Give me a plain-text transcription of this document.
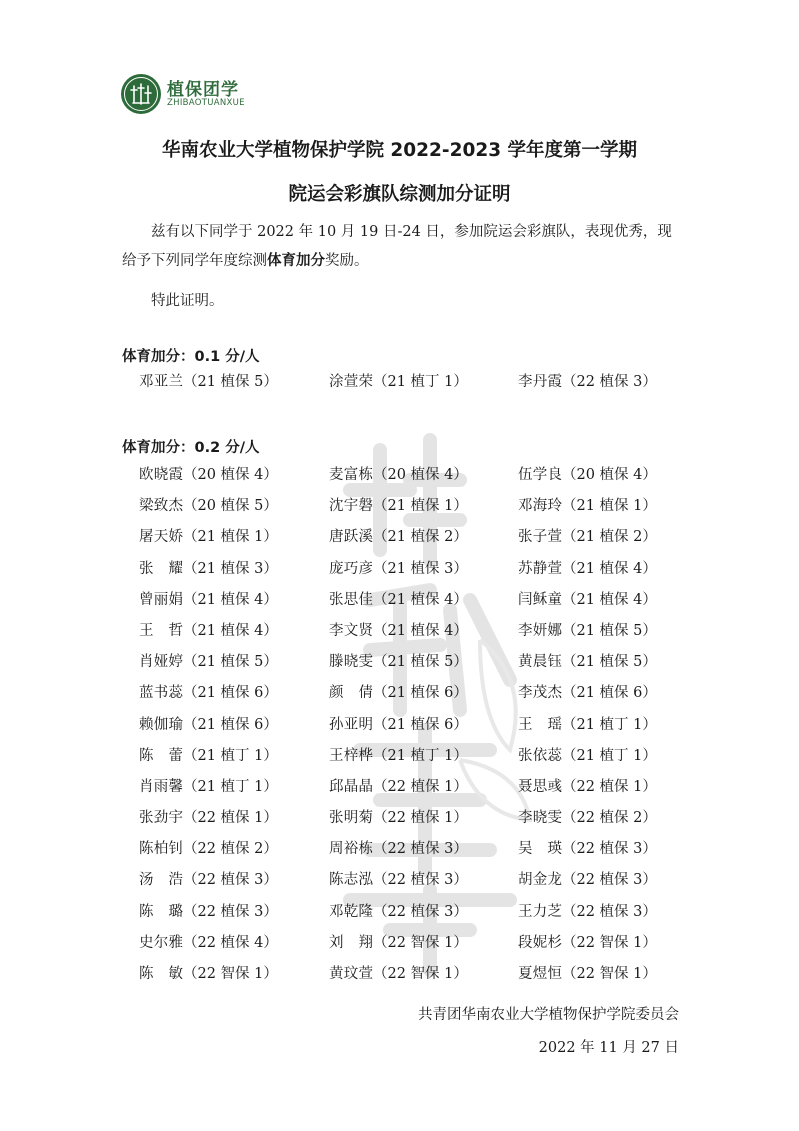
植保团学
ZHIBAOTUANXUE
华南农业大学植物保护学院 2022-2023 学年度第一学期
院运会彩旗队综测加分证明
兹有以下同学于 2022 年 10 月 19 日-24 日，参加院运会彩旗队，表现优秀，现给予下列同学年度综测体育加分奖励。
特此证明。
体育加分：0.1 分/人
体育加分：0.2 分/人
邓亚兰（21 植保 5）	涂萱荣（21 植丁 1）	李丹霞（22 植保 3）
欧晓霞（20 植保 4）	麦富栋（20 植保 4）	伍学良（20 植保 4）
梁致杰（20 植保 5）	沈宇磐（21 植保 1）	邓海玲（21 植保 1）
屠天娇（21 植保 1）	唐跃溪（21 植保 2）	张子萱（21 植保 2）
张耀（21 植保 3）	庞巧彦（21 植保 3）	苏静萱（21 植保 4）
曾丽娟（21 植保 4）	张思佳（21 植保 4）	闫稣童（21 植保 4）
王哲（21 植保 4）	李文贤（21 植保 4）	李妍娜（21 植保 5）
肖娅婷（21 植保 5）	滕晓雯（21 植保 5）	黄晨钰（21 植保 5）
蓝书蕊（21 植保 6）	颜倩（21 植保 6）	李茂杰（21 植保 6）
赖伽瑜（21 植保 6）	孙亚明（21 植保 6）	王瑶（21 植丁 1）
陈蕾（21 植丁 1）	王梓桦（21 植丁 1）	张依蕊（21 植丁 1）
肖雨馨（21 植丁 1）	邱晶晶（22 植保 1）	聂思彧（22 植保 1）
张劲宇（22 植保 1）	张明菊（22 植保 1）	李晓雯（22 植保 2）
陈柏钊（22 植保 2）	周裕栋（22 植保 3）	吴瑛（22 植保 3）
汤浩（22 植保 3）	陈志泓（22 植保 3）	胡金龙（22 植保 3）
陈璐（22 植保 3）	邓乾隆（22 植保 3）	王力芝（22 植保 3）
史尔雅（22 植保 4）	刘翔（22 智保 1）	段妮杉（22 智保 1）
陈敏（22 智保 1）	黄玟萱（22 智保 1）	夏煜恒（22 智保 1）
共青团华南农业大学植物保护学院委员会
2022 年 11 月 27 日
